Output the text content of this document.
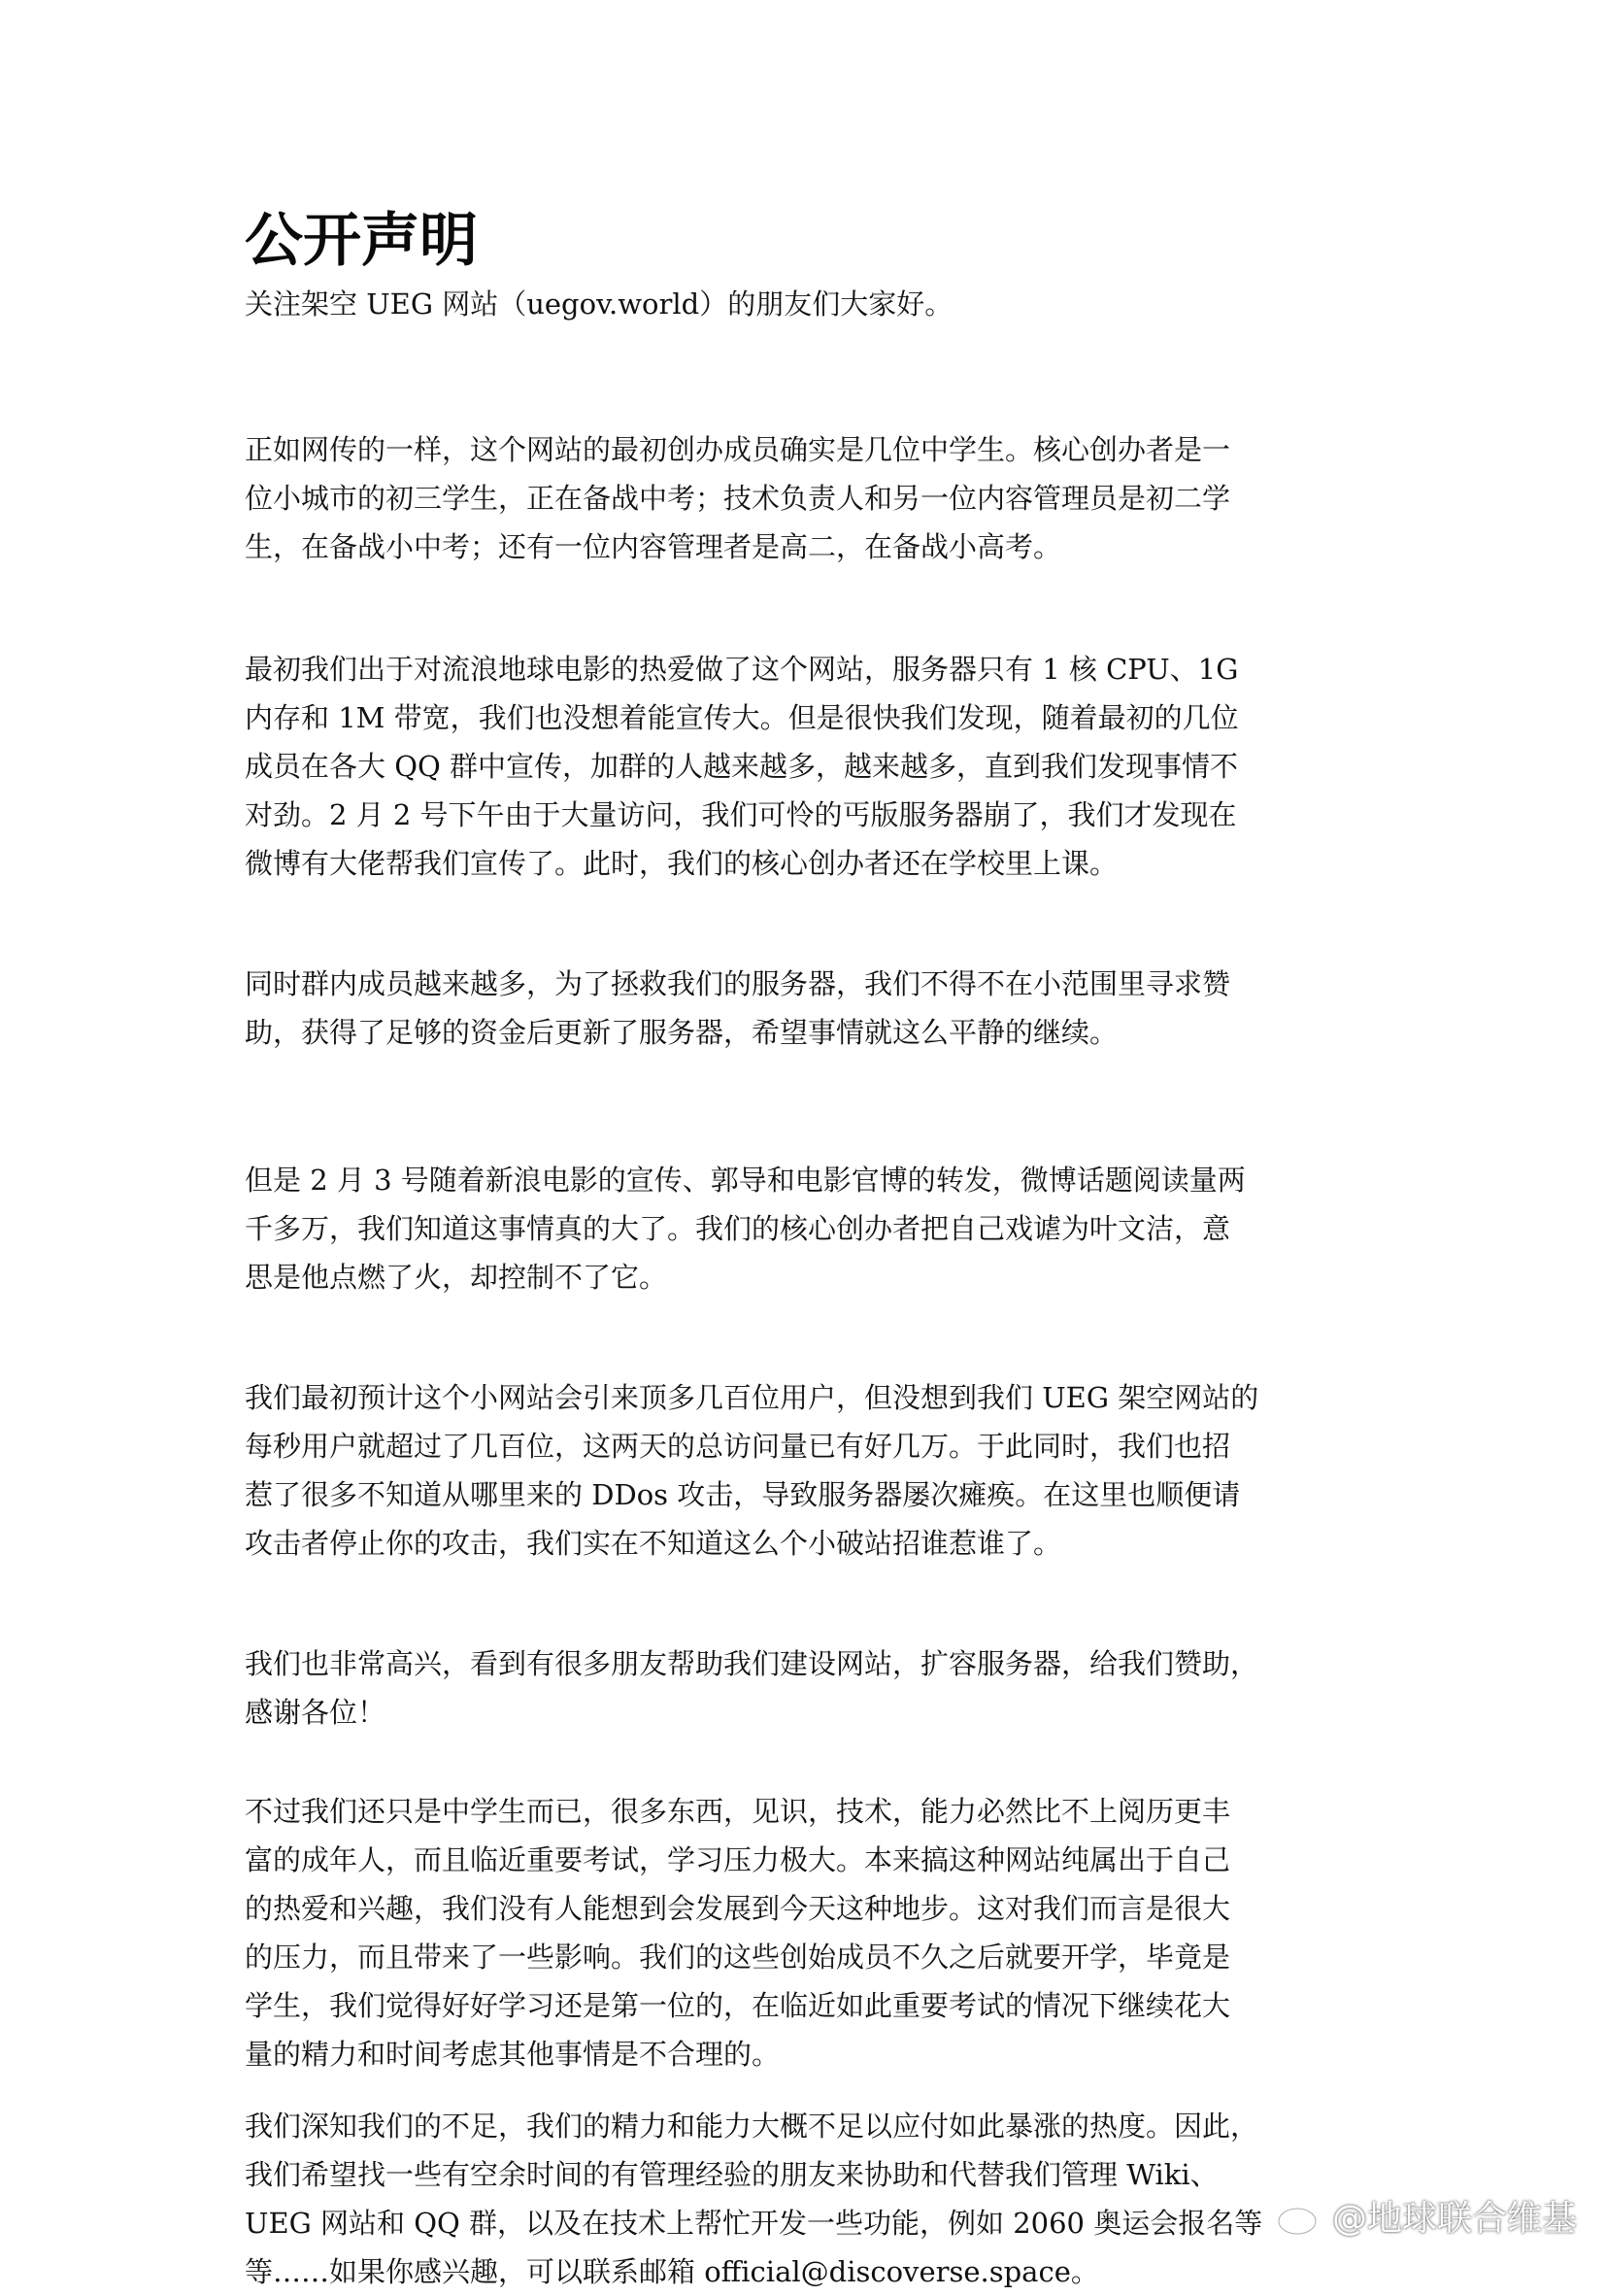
公开声明

关注架空 UEG 网站（uegov.world）的朋友们大家好。

正如网传的一样，这个网站的最初创办成员确实是几位中学生。核心创办者是一
位小城市的初三学生，正在备战中考；技术负责人和另一位内容管理员是初二学
生，在备战小中考；还有一位内容管理者是高二，在备战小高考。
最初我们出于对流浪地球电影的热爱做了这个网站，服务器只有 1 核 CPU、1G
内存和 1M 带宽，我们也没想着能宣传大。但是很快我们发现，随着最初的几位
成员在各大 QQ 群中宣传，加群的人越来越多，越来越多，直到我们发现事情不
对劲。2 月 2 号下午由于大量访问，我们可怜的丐版服务器崩了，我们才发现在
微博有大佬帮我们宣传了。此时，我们的核心创办者还在学校里上课。
同时群内成员越来越多，为了拯救我们的服务器，我们不得不在小范围里寻求赞
助，获得了足够的资金后更新了服务器，希望事情就这么平静的继续。
但是 2 月 3 号随着新浪电影的宣传、郭导和电影官博的转发，微博话题阅读量两
千多万，我们知道这事情真的大了。我们的核心创办者把自己戏谑为叶文洁，意
思是他点燃了火，却控制不了它。
我们最初预计这个小网站会引来顶多几百位用户，但没想到我们 UEG 架空网站的
每秒用户就超过了几百位，这两天的总访问量已有好几万。于此同时，我们也招
惹了很多不知道从哪里来的 DDos 攻击，导致服务器屡次瘫痪。在这里也顺便请
攻击者停止你的攻击，我们实在不知道这么个小破站招谁惹谁了。
我们也非常高兴，看到有很多朋友帮助我们建设网站，扩容服务器，给我们赞助，
感谢各位！
不过我们还只是中学生而已，很多东西，见识，技术，能力必然比不上阅历更丰
富的成年人，而且临近重要考试，学习压力极大。本来搞这种网站纯属出于自己
的热爱和兴趣，我们没有人能想到会发展到今天这种地步。这对我们而言是很大
的压力，而且带来了一些影响。我们的这些创始成员不久之后就要开学，毕竟是
学生，我们觉得好好学习还是第一位的，在临近如此重要考试的情况下继续花大
量的精力和时间考虑其他事情是不合理的。
我们深知我们的不足，我们的精力和能力大概不足以应付如此暴涨的热度。因此，
我们希望找一些有空余时间的有管理经验的朋友来协助和代替我们管理 Wiki、
UEG 网站和 QQ 群，以及在技术上帮忙开发一些功能，例如 2060 奥运会报名等
等……如果你感兴趣，可以联系邮箱 official@discoverse.space。
@地球联合维基
